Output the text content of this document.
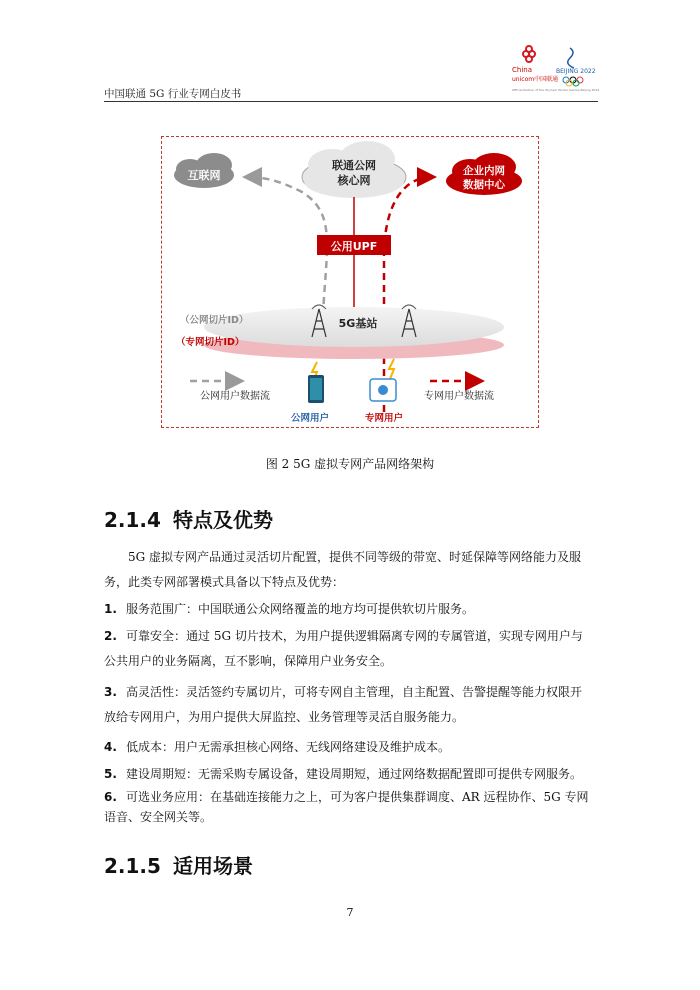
中国联通 5G 行业专网白皮书
China
unicom中国联通
BEIJING 2022
Official Partner of the Olympic Winter Games Beijing 2022
互联网
联通公网
核心网
企业内网
数据中心
公用UPF
5G基站
（公网切片ID）
（专网切片ID）
公网用户数据流	专网用户数据流
公网用户	专网用户
图 2 5G 虚拟专网产品网络架构
2.1.4 特点及优势
5G 虚拟专网产品通过灵活切片配置，提供不同等级的带宽、时延保障等网络能力及服
务，此类专网部署模式具备以下特点及优势：
1. 服务范围广：中国联通公众网络覆盖的地方均可提供软切片服务。
2. 可靠安全：通过 5G 切片技术，为用户提供逻辑隔离专网的专属管道，实现专网用户与
公共用户的业务隔离，互不影响，保障用户业务安全。
3. 高灵活性：灵活签约专属切片，可将专网自主管理，自主配置、告警提醒等能力权限开
放给专网用户，为用户提供大屏监控、业务管理等灵活自服务能力。
4. 低成本：用户无需承担核心网络、无线网络建设及维护成本。
5. 建设周期短：无需采购专属设备，建设周期短，通过网络数据配置即可提供专网服务。
6. 可选业务应用：在基础连接能力之上，可为客户提供集群调度、AR 远程协作、5G 专网
语音、安全网关等。
2.1.5 适用场景
7
